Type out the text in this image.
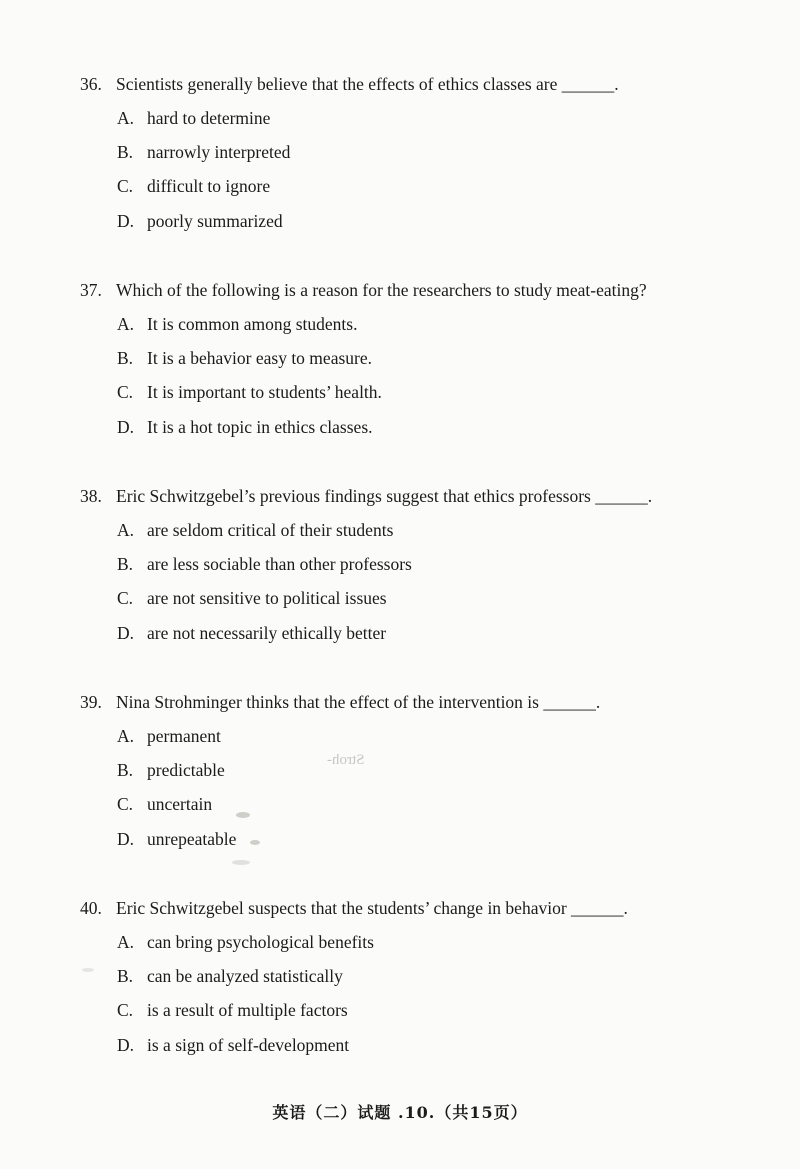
36. Scientists generally believe that the effects of ethics classes are ______.
A. hard to determine
B. narrowly interpreted
C. difficult to ignore
D. poorly summarized
37. Which of the following is a reason for the researchers to study meat-eating?
A. It is common among students.
B. It is a behavior easy to measure.
C. It is important to students’ health.
D. It is a hot topic in ethics classes.
38. Eric Schwitzgebel’s previous findings suggest that ethics professors ______.
A. are seldom critical of their students
B. are less sociable than other professors
C. are not sensitive to political issues
D. are not necessarily ethically better
39. Nina Strohminger thinks that the effect of the intervention is ______.
A. permanent
B. predictable
C. uncertain
D. unrepeatable
40. Eric Schwitzgebel suspects that the students’ change in behavior ______.
A. can bring psychological benefits
B. can be analyzed statistically
C. is a result of multiple factors
D. is a sign of self-development
Stroh-
英语（二）试题 .10.（共15页）
